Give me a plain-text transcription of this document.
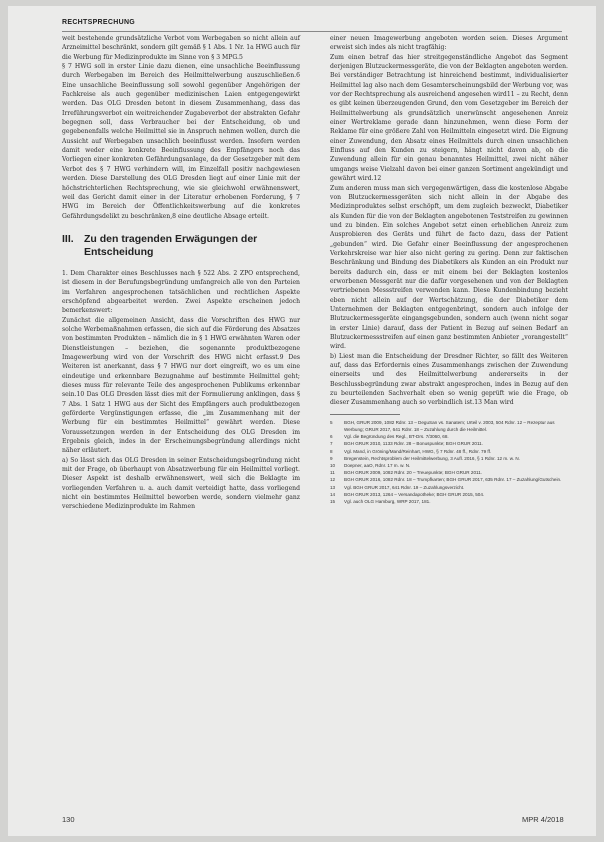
RECHTSPRECHUNG

weit bestehende grundsätzliche Verbot vom Werbegaben so nicht allein auf Arzneimittel beschränkt, sondern gilt gemäß § 1 Abs. 1 Nr. 1a HWG auch für die Werbung für Medizinprodukte im Sinne von § 3 MPG.5

§ 7 HWG soll in erster Linie dazu dienen, eine unsachliche Beeinflussung durch Werbegaben im Bereich des Heilmittelwerbung auszuschließen.6 Eine unsachliche Beeinflussung soll sowohl gegenüber Angehörigen der Fachkreise als auch gegenüber medizinischen Laien entgegengewirkt werden. Das OLG Dresden betont in diesem Zusammenhang, dass das Irreführungsverbot ein weitreichender Zugabeverbot der abstrakten Gefahr begegnen soll, dass Verbraucher bei der Entscheidung, ob und gegebenenfalls welche Heilmittel sie in Anspruch nehmen wollen, durch die Aussicht auf Werbegaben unsachlich beeinflusst werden. Insofern werden damit weder eine konkrete Beeinflussung des Empfängers noch das Vorliegen einer konkreten Gefährdungsanlage, da der Gesetzgeber mit dem Verbot des § 7 HWG verhindern will, im Einzelfall positiv nachgewiesen werden. Diese Darstellung des OLG Dresden liegt auf einer Linie mit der höchstrichterlichen Rechtsprechung, wie sie gleichwohl erwähnenswert, weil das Gericht damit einer in der Literatur erhobenen Forderung, § 7 HWG im Bereich der Öffentlichkeitswerbung auf die konkretes Gefährdungsdelikt zu beschränken,8 eine deutliche Absage erteilt.

III. Zu den tragenden Erwägungen der Entscheidung

1. Dem Charakter eines Beschlusses nach § 522 Abs. 2 ZPO entsprechend, ist diesem in der Berufungsbegründung umfangreich alle von den Parteien im Verfahren angesprochenen tatsächlichen und rechtlichen Aspekte erschöpfend abgearbeitet werden. Zwei Aspekte erscheinen jedoch bemerkenswert:

Zunächst die allgemeinen Ansicht, dass die Vorschriften des HWG nur solche Werbemaßnahmen erfassen, die sich auf die Förderung des Absatzes von bestimmten Produkten – nämlich die in § 1 HWG erwähnten Waren oder Dienstleistungen – beziehen, die sogenannte produktbezogene Imagewerbung wird von der Vorschrift des HWG nicht erfasst.9 Des Weiteren ist anerkannt, dass § 7 HWG nur dort eingreift, wo es um eine eindeutige und erkennbare Bezugnahme auf bestimmte Heilmittel geht; dieses muss für relevante Teile des angesprochenen Publikums erkennbar sein.10 Das OLG Dresden lässt dies mit der Formulierung anklingen, dass § 7 Abs. 1 Satz 1 HWG aus der Sicht des Empfängers auch produktbezogen geförderte Vergünstigungen erfasse, die „im Zusammenhang mit der Werbung für ein bestimmtes Heilmittel“ gewährt werden. Diese Voraussetzungen werden in der Entscheidung des OLG Dresden im Ergebnis gleich, indes in der Erscheinungsbegründung allerdings nicht näher erläutert.

a) So lässt sich das OLG Dresden in seiner Entscheidungsbegründung nicht mit der Frage, ob überhaupt von Absatzwerbung für ein Heilmittel vorliegt. Dieser Aspekt ist deshalb erwähnenswert, weil sich die Beklagte im vorliegenden Verfahren u. a. auch damit verteidigt hatte, dass vorliegend nicht ein bestimmtes Heilmittel beworben werde, sondern vielmehr ganz verschiedene Medizinprodukte im Rahmen

einer neuen Imagewerbung angeboten worden seien. Dieses Argument erweist sich indes als nicht tragfähig:

Zum einen betraf das hier streitgegenständliche Angebot das Segment derjenigen Blutzuckermessgeräte, die von der Beklagten angeboten werden. Bei verständiger Betrachtung ist hinreichend bestimmt, individualisierter Heilmittel lag also nach dem Gesamterscheinungsbild der Werbung vor, was vor der Rechtsprechung als ausreichend angesehen wird11 – zu Recht, denn es gibt keinen überzeugenden Grund, den vom Gesetzgeber im Bereich der Heilmittelwerbung als grundsätzlich unerwünscht angesehenen Anreiz einer Wertreklame gerade dann hinzunehmen, wenn diese Form der Reklame für eine größere Zahl von Heilmitteln eingesetzt wird. Die Eignung einer Zuwendung, den Absatz eines Heilmittels durch einen unsachlichen Einfluss auf den Kunden zu steigern, hängt nicht davon ab, ob die Zuwendung allein für ein genau benanntes Heilmittel, zwei nicht näher umgangs weise Vielzahl davon bei einer ganzen Sortiment angekündigt und gewährt wird.12

Zum anderen muss man sich vergegenwärtigen, dass die kostenlose Abgabe von Blutzuckermessgeräten sich nicht allein in der Abgabe des Medizinproduktes selbst erschöpft, um dem zugleich bezweckt, Diabetiker als Kunden für die von der Beklagten angebotenen Teststreifen zu gewinnen und zu binden. Ein solches Angebot setzt einen erheblichen Anreiz zum Ausprobieren des Geräts und führt de facto dazu, dass der Patient „gebunden“ wird. Die Gefahr einer Beeinflussung der angesprochenen Verkehrskreise war hier also nicht gering zu gering. Denn zur faktischen Beschränkung und Bindung des Diabetikers als Kunden an ein Produkt nur bereits dadurch ein, dass er mit einem bei der Beklagten kostenlos erworbenen Messgerät nur die dafür vorgesehenen und von der Beklagten vertriebenen Messstreifen verwenden kann. Diese Kundenbindung bezieht eben nicht allein auf der Wertschätzung, die der Diabetiker dem Unternehmen der Beklagten entgegenbringt, sondern auch infolge der Blutzuckermessgeräte eingangsgebunden, sondern auch (wenn nicht sogar in erster Linie) darauf, dass der Patient in Bezug auf seinen Bedarf an Blutzuckermessstreifen auf einen ganz bestimmten Anbieter „vorangestellt“ wird.

b) Liest man die Entscheidung der Dresdner Richter, so fällt des Weiteren auf, dass das Erfordernis eines Zusammenhangs zwischen der Zuwendung einerseits und des Heilmittelwerbung andererseits in der Beschlussbegründung zwar abstrakt angesprochen, indes in Bezug auf den zu beurteilenden Sachverhalt eben so wenig geprüft wie die Frage, ob dieser Zusammenhang auch so verbindlich ist.13 Man wird

5	BGH, GRUR 2009, 1082 Rdnr. 13 – DeguSan vs. Sanatem; Urteil v. 2003, 504 Rdnr. 12 – Rezeptur aus Werbung; GRUR 2017, 641 Rdnr. 18 – Zuzahlung durch die Heilmittel.
6	Vgl. die Begründung des Regl., BT-Drs. 7/3060, 68.
7	BGH GRUR 2010, 1133 Rdnr. 28 – Bonuspunkte; BGH GRUR 2011.
8	Vgl. Mand, in Gröning/Mand/Reinhart, HWG, § 7 Rdnr. 48 ff., Rdnr. 79 ff.
9	Bregenstein, Rechtsproblem der Heilmittelwerbung, 3 Aufl. 2016, § 1 Rdnr. 12 m. w. N.
10	Doepner, aaO, Rdnr. 17 m. w. N.
11	BGH GRUR 2009, 1082 Rdnr. 20 – Treuepunkte; BGH GRUR 2011.
12	BGH GRUR 2016, 1082 Rdnr. 18 – Trumpfkarten; BGH GRUR 2017, 635 Rdnr. 17 – Zuzahlung/Gutschein.
13	Vgl. BGH GRUR 2017, 641 Rdnr. 19 – Zuzahlungsverzicht.
14	BGH GRUR 2013, 1264 – Versandapotheke; BGH GRUR 2015, 504.
15	Vgl. auch OLG Hamburg, WRP 2017, 181.
130	MPR 4/2018
